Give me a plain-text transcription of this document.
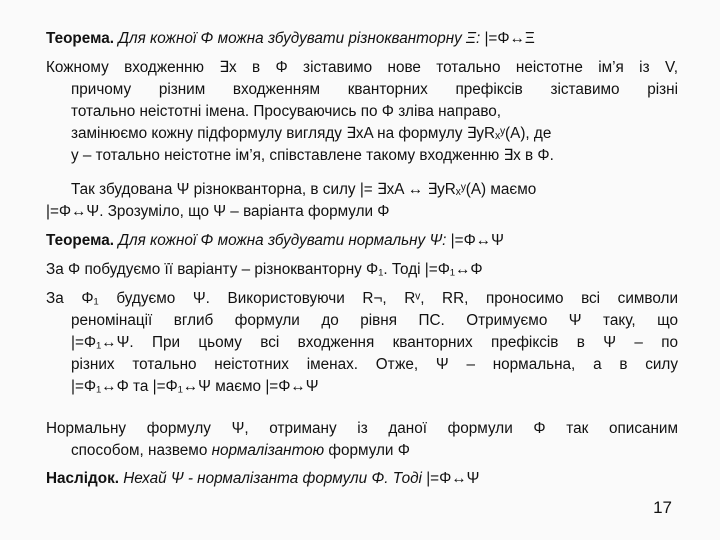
Теорема. Для кожної Φ можна збудувати різнокванторну Ξ: |=Φ↔Ξ
Кожному входженню ∃x в Φ зіставимо нове тотально неістотне ім’я із V,
причому різним входженням кванторних префіксів зіставимо різні
тотально неістотні імена. Просуваючись по Φ зліва направо,
замінюємо кожну підформулу вигляду ∃xA на формулу ∃yRₓʸ(A), де
y – тотально неістотне ім’я, співставлене такому входженню ∃x в Φ.
Так збудована Ψ різнокванторна, в силу |= ∃xA ↔ ∃yRₓʸ(A) маємо
|=Φ↔Ψ. Зрозуміло, що Ψ – варіанта формули Φ
Теорема. Для кожної Φ можна збудувати нормальну Ψ: |=Φ↔Ψ
За Φ побудуємо її варіанту – різнокванторну Φ₁. Тоді |=Φ₁↔Φ
За Φ₁ будуємо Ψ. Використовуючи R¬, Rᵛ, RR, проносимо всі символи
реномінації вглиб формули до рівня ПС. Отримуємо Ψ таку, що
|=Φ₁↔Ψ. При цьому всі входження кванторних префіксів в Ψ – по
різних тотально неістотних іменах. Отже, Ψ – нормальна, а в силу
|=Φ₁↔Φ та |=Φ₁↔Ψ маємо |=Φ↔Ψ
Нормальну формулу Ψ, отриману із даної формули Φ так описаним
способом, назвемо нормалізантою формули Φ
Наслідок. Нехай Ψ - нормалізанта формули Φ. Тоді |=Φ↔Ψ
17
